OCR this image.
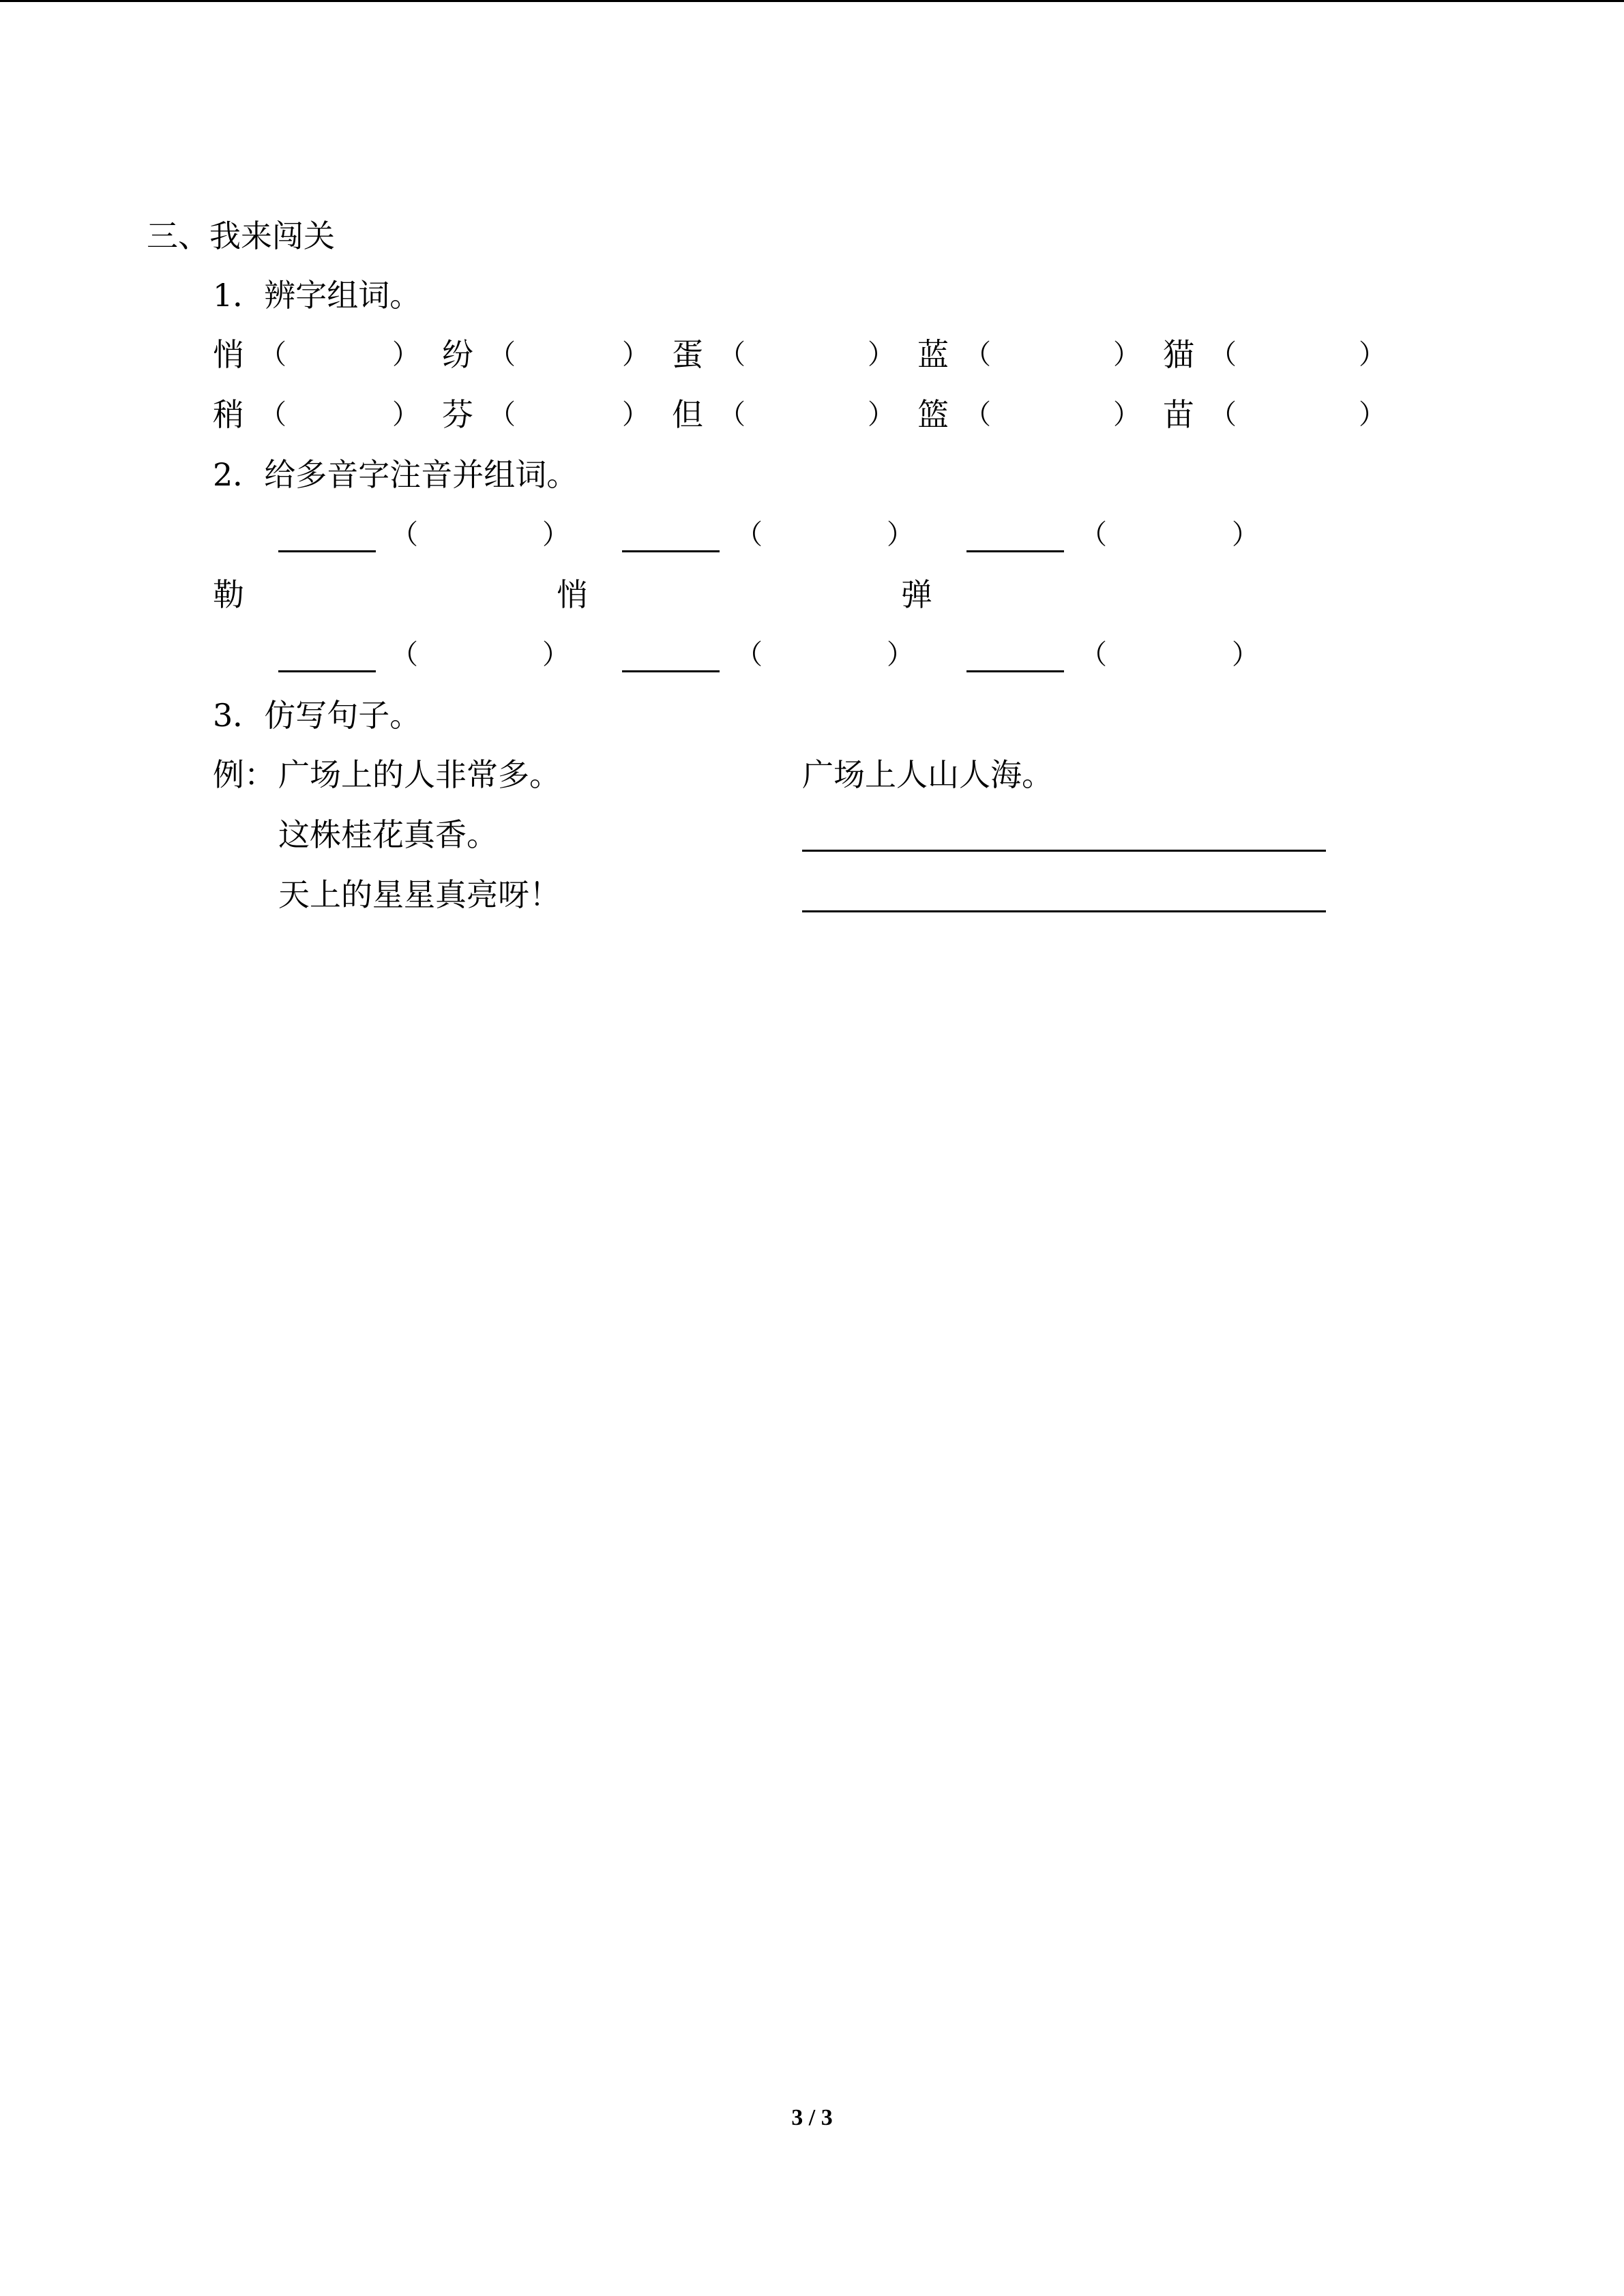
三、我来闯关
1．辨字组词。
悄 （	） 纷 （	） 蛋 （	） 蓝 （	） 猫 （	）
稍 （	） 芬 （	） 但 （	） 篮 （	） 苗 （	）
2．给多音字注音并组词。
（	）	（	）	（	）
勒	悄	弹
（	）	（	）	（	）
3．仿写句子。
例： 广场上的人非常多。	广场上人山人海。
这株桂花真香。
天上的星星真亮呀！
3 / 3
